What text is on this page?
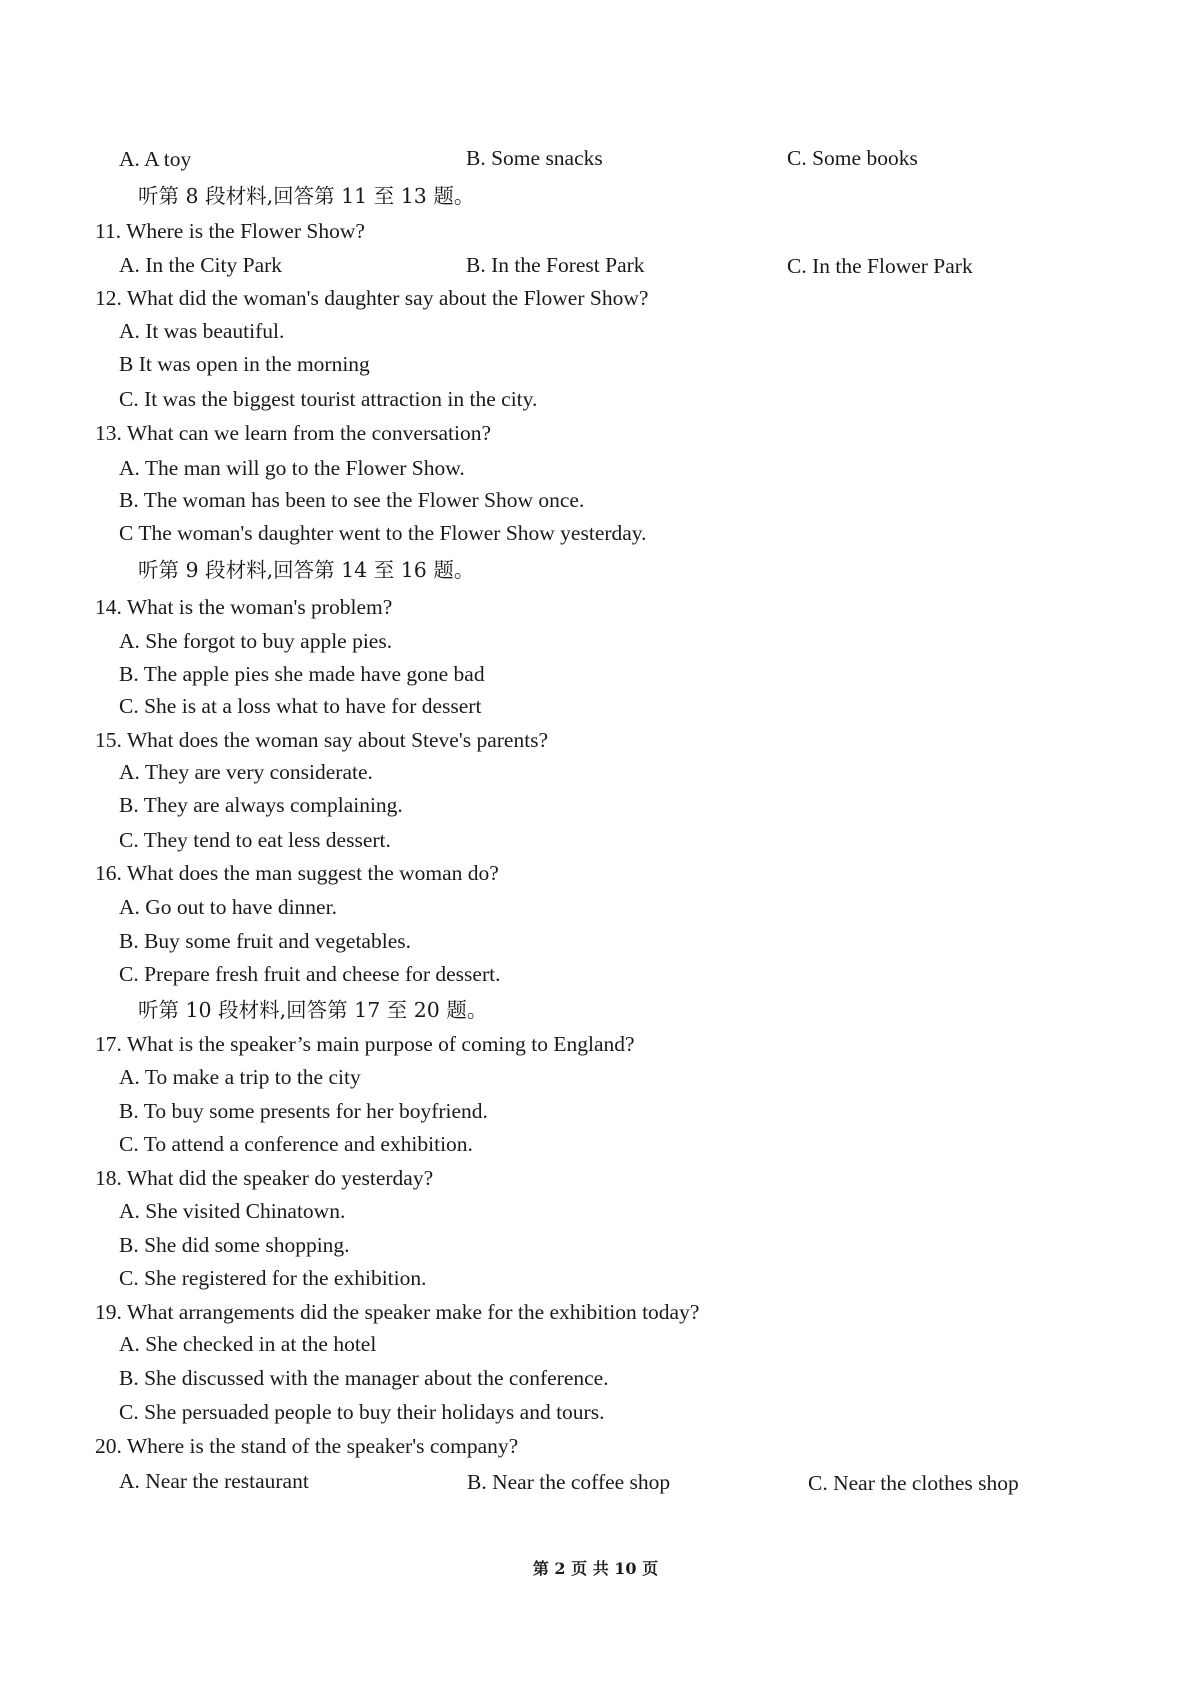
A. A toy	B. Some snacks	C. Some books
听第 8 段材料,回答第 11 至 13 题。
11. Where is the Flower Show?
A. In the City Park	B. In the Forest Park	C. In the Flower Park
12. What did the woman's daughter say about the Flower Show?
A. It was beautiful.
B It was open in the morning
C. It was the biggest tourist attraction in the city.
13. What can we learn from the conversation?
A. The man will go to the Flower Show.
B. The woman has been to see the Flower Show once.
C The woman's daughter went to the Flower Show yesterday.
听第 9 段材料,回答第 14 至 16 题。
14. What is the woman's problem?
A. She forgot to buy apple pies.
B. The apple pies she made have gone bad
C. She is at a loss what to have for dessert
15. What does the woman say about Steve's parents?
A. They are very considerate.
B. They are always complaining.
C. They tend to eat less dessert.
16. What does the man suggest the woman do?
A. Go out to have dinner.
B. Buy some fruit and vegetables.
C. Prepare fresh fruit and cheese for dessert.
听第 10 段材料,回答第 17 至 20 题。
17. What is the speaker’s main purpose of coming to England?
A. To make a trip to the city
B. To buy some presents for her boyfriend.
C. To attend a conference and exhibition.
18. What did the speaker do yesterday?
A. She visited Chinatown.
B. She did some shopping.
C. She registered for the exhibition.
19. What arrangements did the speaker make for the exhibition today?
A. She checked in at the hotel
B. She discussed with the manager about the conference.
C. She persuaded people to buy their holidays and tours.
20. Where is the stand of the speaker's company?
A. Near the restaurant	B. Near the coffee shop	C. Near the clothes shop
第 2 页 共 10 页
